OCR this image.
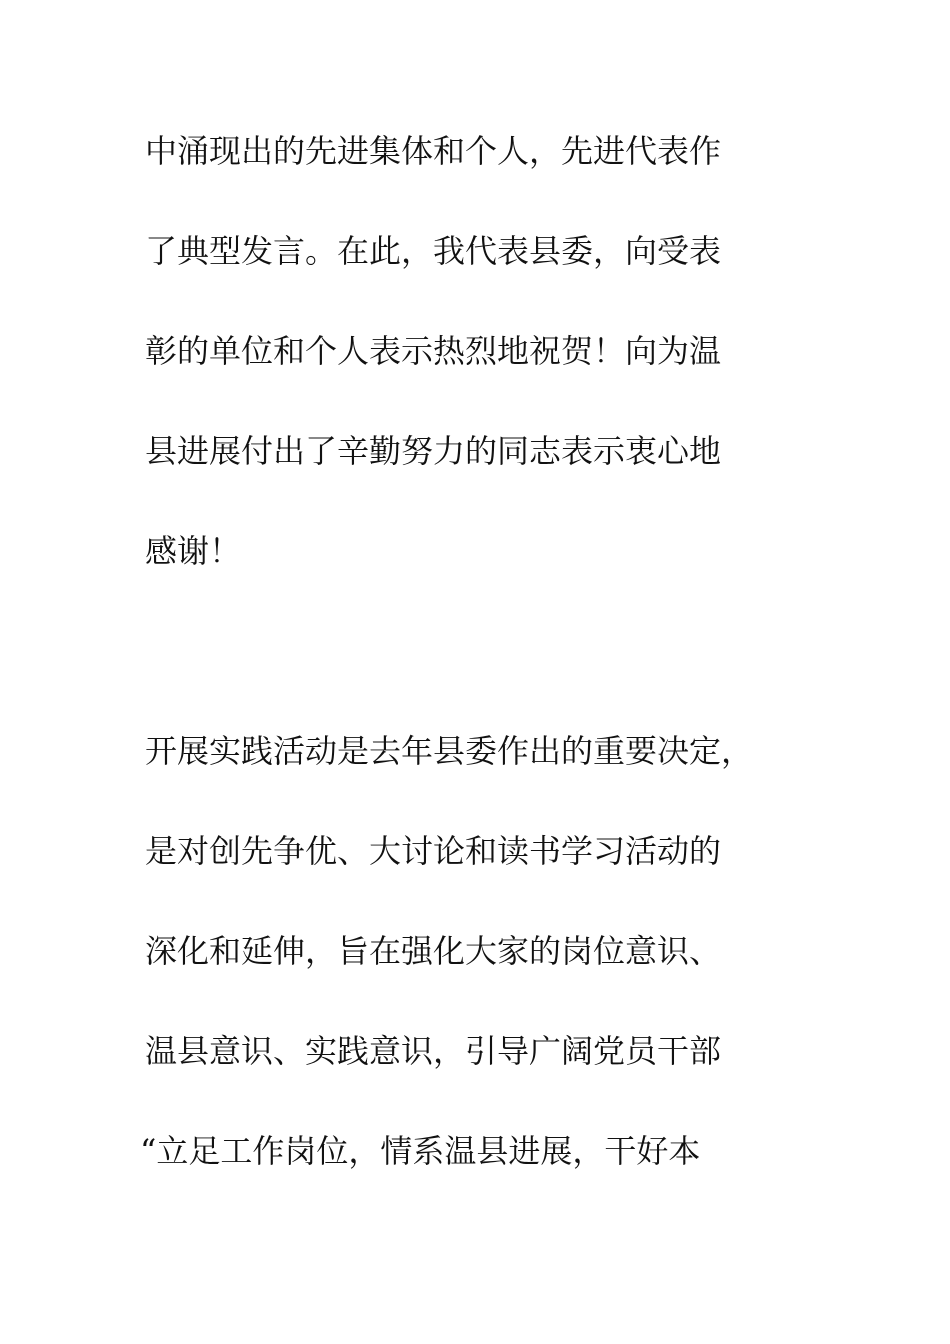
中涌现出的先进集体和个人，先进代表作

了典型发言。在此，我代表县委，向受表

彰的单位和个人表示热烈地祝贺！向为温

县进展付出了辛勤努力的同志表示衷心地

感谢！

开展实践活动是去年县委作出的重要决定，

是对创先争优、大讨论和读书学习活动的

深化和延伸，旨在强化大家的岗位意识、

温县意识、实践意识，引导广阔党员干部

“立足工作岗位，情系温县进展，干好本
